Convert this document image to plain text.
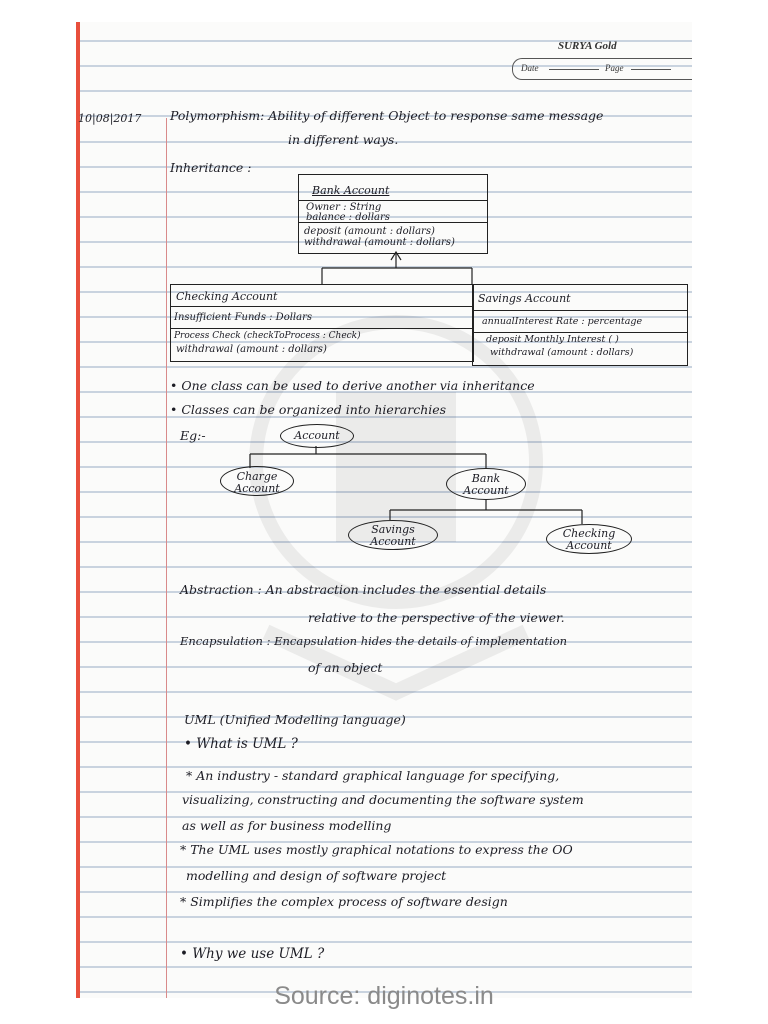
SURYA Gold
Date	Page
10|08|2017 Polymorphism: Ability of different Object to response same message
in different ways.
Inheritance :
Bank Account
Owner : String
balance : dollars
deposit (amount : dollars)
withdrawal (amount : dollars)
Checking Account
Insufficient Funds : Dollars
Process Check (checkToProcess : Check)
withdrawal (amount : dollars)
Savings Account
annualInterest Rate : percentage
deposit Monthly Interest ( )
withdrawal (amount : dollars)
• One class can be used to derive another via inheritance
• Classes can be organized into hierarchies
Eg:-	Account
Charge
Account
Bank
Account
Savings
Account
Checking
Account
Abstraction : An abstraction includes the essential details
relative to the perspective of the viewer.
Encapsulation : Encapsulation hides the details of implementation
of an object
UML (Unified Modelling language)
• What is UML ?
* An industry - standard graphical language for specifying,
visualizing, constructing and documenting the software system
as well as for business modelling
* The UML uses mostly graphical notations to express the OO
modelling and design of software project
* Simplifies the complex process of software design
• Why we use UML ?
Source: diginotes.in
